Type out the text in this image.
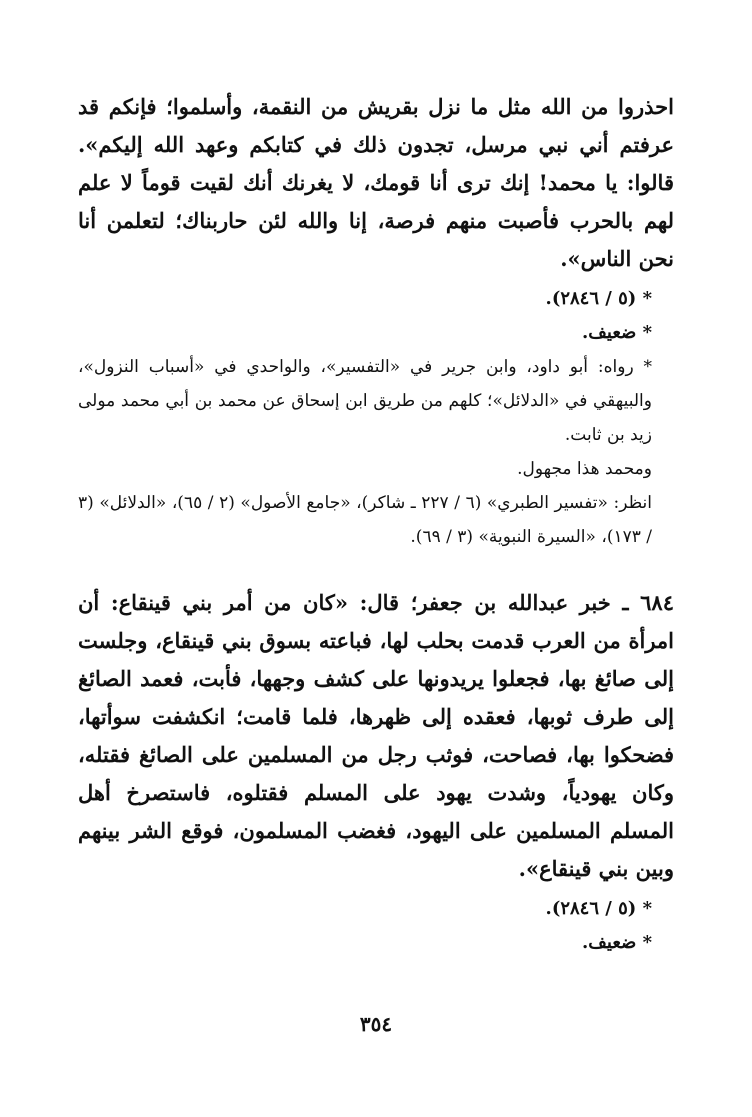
احذروا من الله مثل ما نزل بقريش من النقمة، وأسلموا؛ فإنكم قد عرفتم أني نبي مرسل، تجدون ذلك في كتابكم وعهد الله إليكم». قالوا: يا محمد! إنك ترى أنا قومك، لا يغرنك أنك لقيت قوماً لا علم لهم بالحرب فأصبت منهم فرصة، إنا والله لئن حاربناك؛ لتعلمن أنا نحن الناس».

* (٥ / ٢٨٤٦).

* ضعيف.

* رواه: أبو داود، وابن جرير في «التفسير»، والواحدي في «أسباب النزول»، والبيهقي في «الدلائل»؛ كلهم من طريق ابن إسحاق عن محمد بن أبي محمد مولى زيد بن ثابت.

ومحمد هذا مجهول.

انظر: «تفسير الطبري» (٦ / ٢٢٧ ـ شاكر)، «جامع الأصول» (٢ / ٦٥)، «الدلائل» (٣ / ١٧٣)، «السيرة النبوية» (٣ / ٦٩).

٦٨٤ ـ خبر عبدالله بن جعفر؛ قال: «كان من أمر بني قينقاع: أن امرأة من العرب قدمت بحلب لها، فباعته بسوق بني قينقاع، وجلست إلى صائغ بها، فجعلوا يريدونها على كشف وجهها، فأبت، فعمد الصائغ إلى طرف ثوبها، فعقده إلى ظهرها، فلما قامت؛ انكشفت سوأتها، فضحكوا بها، فصاحت، فوثب رجل من المسلمين على الصائغ فقتله، وكان يهودياً، وشدت يهود على المسلم فقتلوه، فاستصرخ أهل المسلم المسلمين على اليهود، فغضب المسلمون، فوقع الشر بينهم وبين بني قينقاع».

* (٥ / ٢٨٤٦).

* ضعيف.

٣٥٤
